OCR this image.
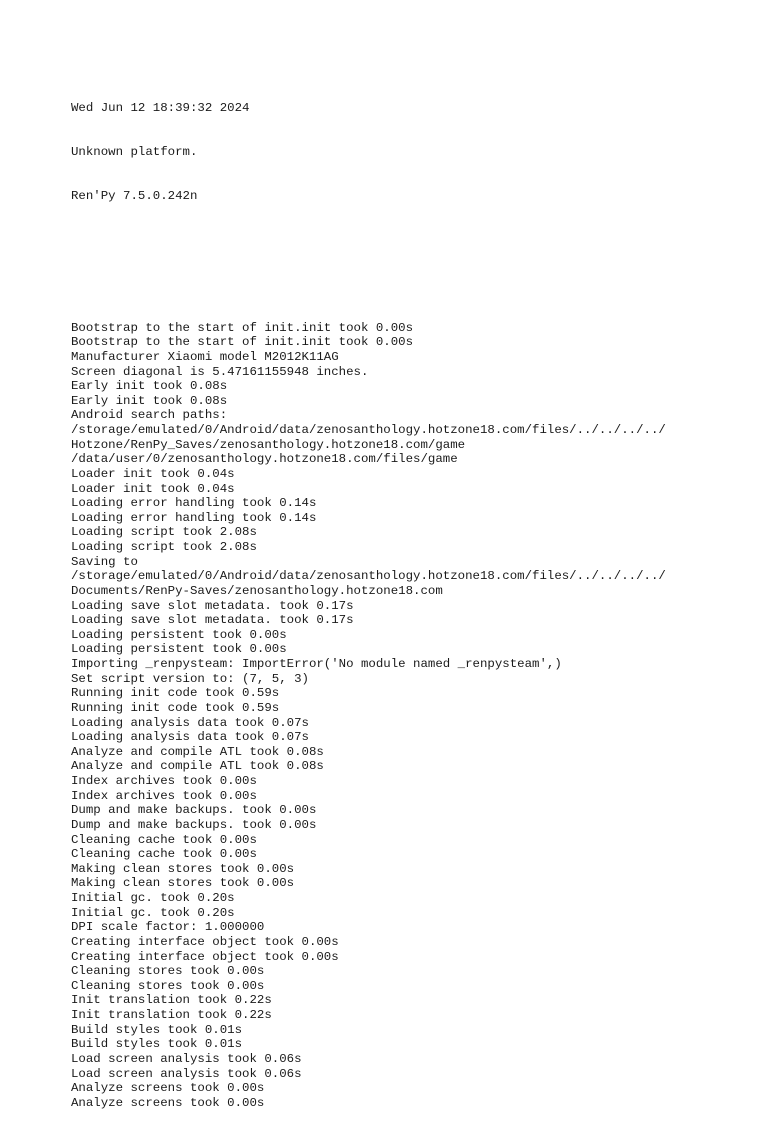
Wed Jun 12 18:39:32 2024

Unknown platform.

Ren'Py 7.5.0.242n

Bootstrap to the start of init.init took 0.00s
Bootstrap to the start of init.init took 0.00s
Manufacturer Xiaomi model M2012K11AG
Screen diagonal is 5.47161155948 inches.
Early init took 0.08s
Early init took 0.08s
Android search paths:
/storage/emulated/0/Android/data/zenosanthology.hotzone18.com/files/../../../../
Hotzone/RenPy_Saves/zenosanthology.hotzone18.com/game
/data/user/0/zenosanthology.hotzone18.com/files/game
Loader init took 0.04s
Loader init took 0.04s
Loading error handling took 0.14s
Loading error handling took 0.14s
Loading script took 2.08s
Loading script took 2.08s
Saving to
/storage/emulated/0/Android/data/zenosanthology.hotzone18.com/files/../../../../
Documents/RenPy-Saves/zenosanthology.hotzone18.com
Loading save slot metadata. took 0.17s
Loading save slot metadata. took 0.17s
Loading persistent took 0.00s
Loading persistent took 0.00s
Importing _renpysteam: ImportError('No module named _renpysteam',)
Set script version to: (7, 5, 3)
Running init code took 0.59s
Running init code took 0.59s
Loading analysis data took 0.07s
Loading analysis data took 0.07s
Analyze and compile ATL took 0.08s
Analyze and compile ATL took 0.08s
Index archives took 0.00s
Index archives took 0.00s
Dump and make backups. took 0.00s
Dump and make backups. took 0.00s
Cleaning cache took 0.00s
Cleaning cache took 0.00s
Making clean stores took 0.00s
Making clean stores took 0.00s
Initial gc. took 0.20s
Initial gc. took 0.20s
DPI scale factor: 1.000000
Creating interface object took 0.00s
Creating interface object took 0.00s
Cleaning stores took 0.00s
Cleaning stores took 0.00s
Init translation took 0.22s
Init translation took 0.22s
Build styles took 0.01s
Build styles took 0.01s
Load screen analysis took 0.06s
Load screen analysis took 0.06s
Analyze screens took 0.00s
Analyze screens took 0.00s
